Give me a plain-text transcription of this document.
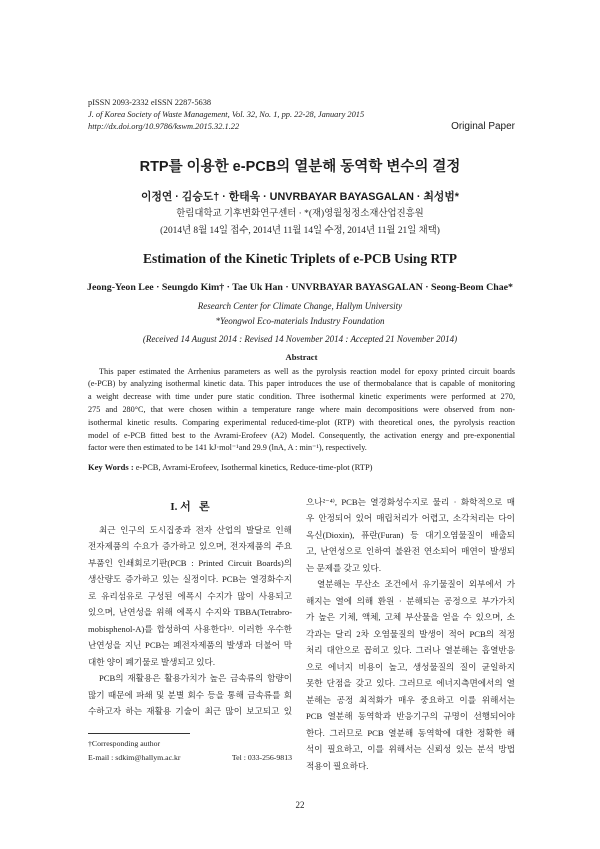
pISSN 2093-2332 eISSN 2287-5638
J. of Korea Society of Waste Management, Vol. 32, No. 1, pp. 22-28, January 2015
http://dx.doi.org/10.9786/kswm.2015.32.1.22	Original Paper
RTP를 이용한 e-PCB의 열분해 동역학 변수의 결정
이정연 · 김승도† · 한태욱 · UNVRBAYAR BAYASGALAN · 최성범*
한림대학교 기후변화연구센터 · *(재)영월청정소재산업진흥원
(2014년 8월 14일 접수, 2014년 11월 14일 수정, 2014년 11월 21일 채택)
Estimation of the Kinetic Triplets of e-PCB Using RTP
Jeong-Yeon Lee · Seungdo Kim† · Tae Uk Han · UNVRBAYAR BAYASGALAN · Seong-Beom Chae*
Research Center for Climate Change, Hallym University
*Yeongwol Eco-materials Industry Foundation
(Received 14 August 2014 : Revised 14 November 2014 : Accepted 21 November 2014)
Abstract
This paper estimated the Arrhenius parameters as well as the pyrolysis reaction model for epoxy printed circuit boards
(e-PCB) by analyzing isothermal kinetic data. This paper introduces the use of thermobalance that is capable of monitoring
a weight decrease with time under pure static condition. Three isothermal kinetic experiments were performed at 270,
275 and 280°C, that were chosen within a temperature range where main decompositions were observed from non-
isothermal kinetic results. Comparing experimental reduced-time-plot (RTP) with theoretical ones, the pyrolysis reaction
model of e-PCB fitted best to the Avrami-Erofeev (A2) Model. Consequently, the activation energy and pre-exponential
factor were then estimated to be 141 kJ·mol⁻¹and 29.9 (lnA, A : min⁻¹), respectively.
Key Words : e-PCB, Avrami-Erofeev, Isothermal kinetics, Reduce-time-plot (RTP)
I. 서   론
최근 인구의 도시집중과 전자 산업의 발달로 인해
전자제품의 수요가 증가하고 있으며, 전자제품의 주요
부품인 인쇄회로기판(PCB : Printed Circuit Boards)의
생산량도 증가하고 있는 실정이다. PCB는 열경화수지
로 유리섬유로 구성된 에폭시 수지가 많이 사용되고
있으며, 난연성을 위해 에폭시 수지와 TBBA(Tetrabro-
mobisphenol-A)를 합성하여 사용한다¹⁾. 이러한 우수한
난연성을 지닌 PCB는 폐전자제품의 발생과 더불어 막
대한 양이 폐기물로 발생되고 있다.
PCB의 재활용은 활용가치가 높은 금속류의 함량이
많기 때문에 파쇄 및 분별 회수 등을 통해 금속류를 회
수하고자 하는 재활용 기술이 최근 많이 보고되고 있
†Corresponding author
E-mail : sdkim@hallym.ac.kr	Tel : 033-256-9813
으나²⁻⁴⁾, PCB는 열경화성수지로 물리 · 화학적으로 매
우 안정되어 있어 매립처리가 어렵고, 소각처리는 다이
옥신(Dioxin), 퓨란(Furan) 등 대기오염물질이 배출되
고, 난연성으로 인하여 불완전 연소되어 매연이 발생되
는 문제를 갖고 있다.
열분해는 무산소 조건에서 유기물질이 외부에서 가
해지는 열에 의해 환원 · 분해되는 공정으로 부가가치
가 높은 기체, 액체, 고체 부산물을 얻을 수 있으며, 소
각과는 달리 2차 오염물질의 발생이 적어 PCB의 적정
처리 대안으로 꼽히고 있다. 그러나 열분해는 흡열반응
으로 에너지 비용이 높고, 생성물질의 질이 균일하지
못한 단점을 갖고 있다. 그러므로 에너지측면에서의 열
분해는 공정 최적화가 매우 중요하고 이를 위해서는
PCB 열분해 동역학과 반응기구의 규명이 선행되어야
한다. 그러므로 PCB 열분해 동역학에 대한 정확한 해
석이 필요하고, 이를 위해서는 신뢰성 있는 분석 방법
적용이 필요하다.
22
